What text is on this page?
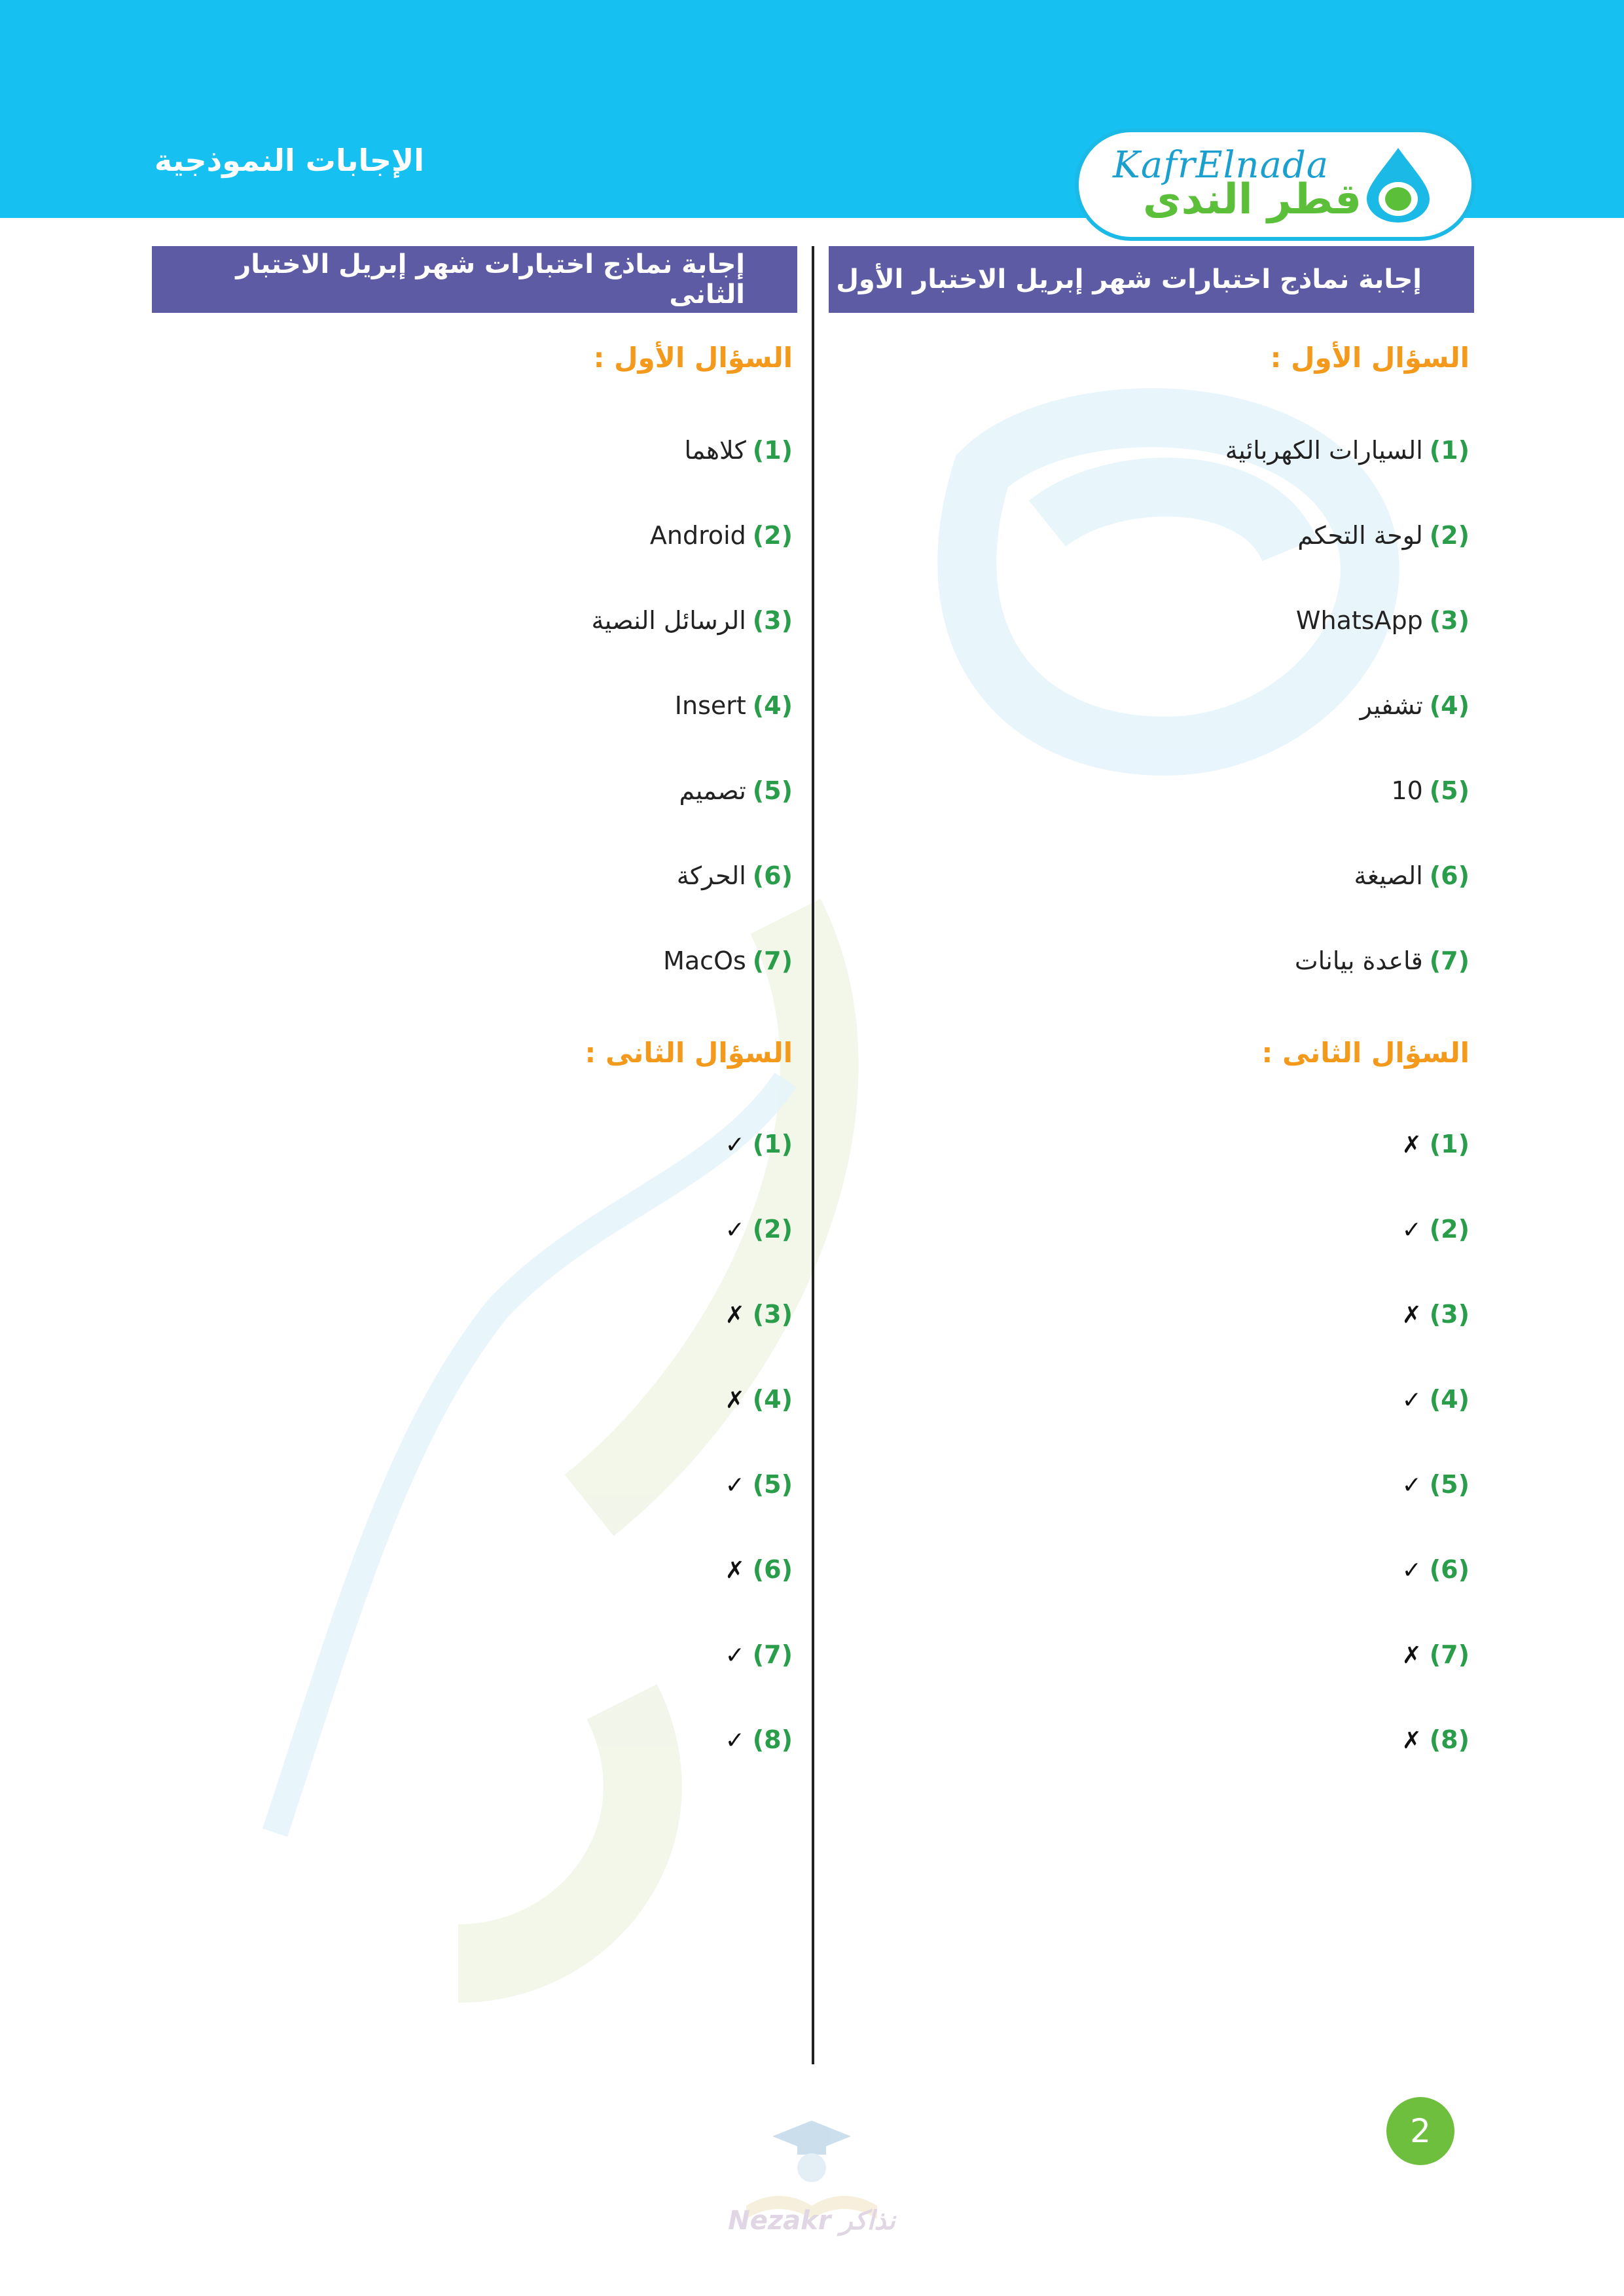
الإجابات النموذجية	KafrElnada
قطر الندى
إجابة نماذج اختبارات شهر إبريل الاختبار الأول
إجابة نماذج اختبارات شهر إبريل الاختبار الثانى
السؤال الأول :
(1)السيارات الكهربائية
(2)لوحة التحكم
(3)WhatsApp
(4)تشفير
(5)10
(6)الصيغة
(7)قاعدة بيانات
السؤال الثانى :
(1)✗
(2)✓
(3)✗
(4)✓
(5)✓
(6)✓
(7)✗
(8)✗
السؤال الأول :
(1)كلاهما
(2)Android
(3)الرسائل النصية
(4)Insert
(5)تصميم
(6)الحركة
(7)MacOs
السؤال الثانى :
(1)✓
(2)✓
(3)✗
(4)✗
(5)✓
(6)✗
(7)✓
(8)✓
2
Nezakr نذاكر
